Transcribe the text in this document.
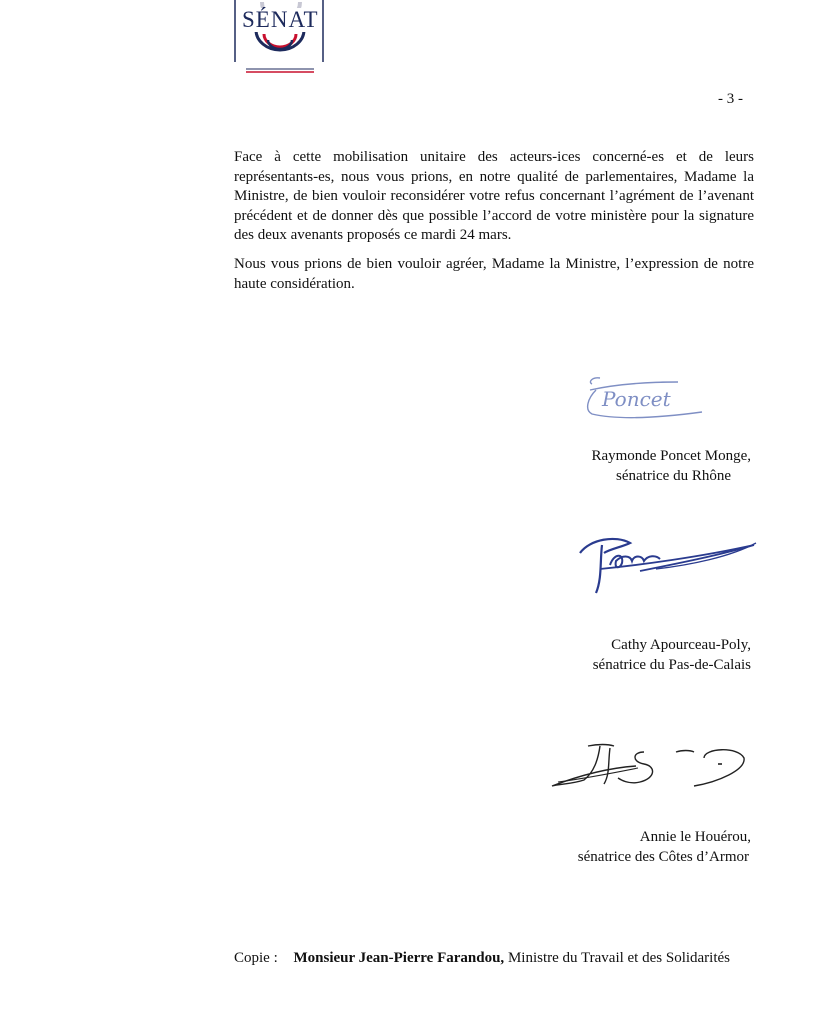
SÉNAT
- 3 -

Face à cette mobilisation unitaire des acteurs-ices concerné-es et de leurs représentants-es, nous vous prions, en notre qualité de parlementaires, Madame la Ministre, de bien vouloir reconsidérer votre refus concernant l’agrément de l’avenant précédent et de donner dès que possible l’accord de votre ministère pour la signature des deux avenants proposés ce mardi 24 mars.

Nous vous prions de bien vouloir agréer, Madame la Ministre, l’expression de notre haute considération.

Poncet
Raymonde Poncet Monge,
sénatrice du Rhône
Cathy Apourceau-Poly,
sénatrice du Pas-de-Calais
Annie le Houérou,
sénatrice des Côtes d’Armor
Copie : Monsieur Jean-Pierre Farandou, Ministre du Travail et des Solidarités
